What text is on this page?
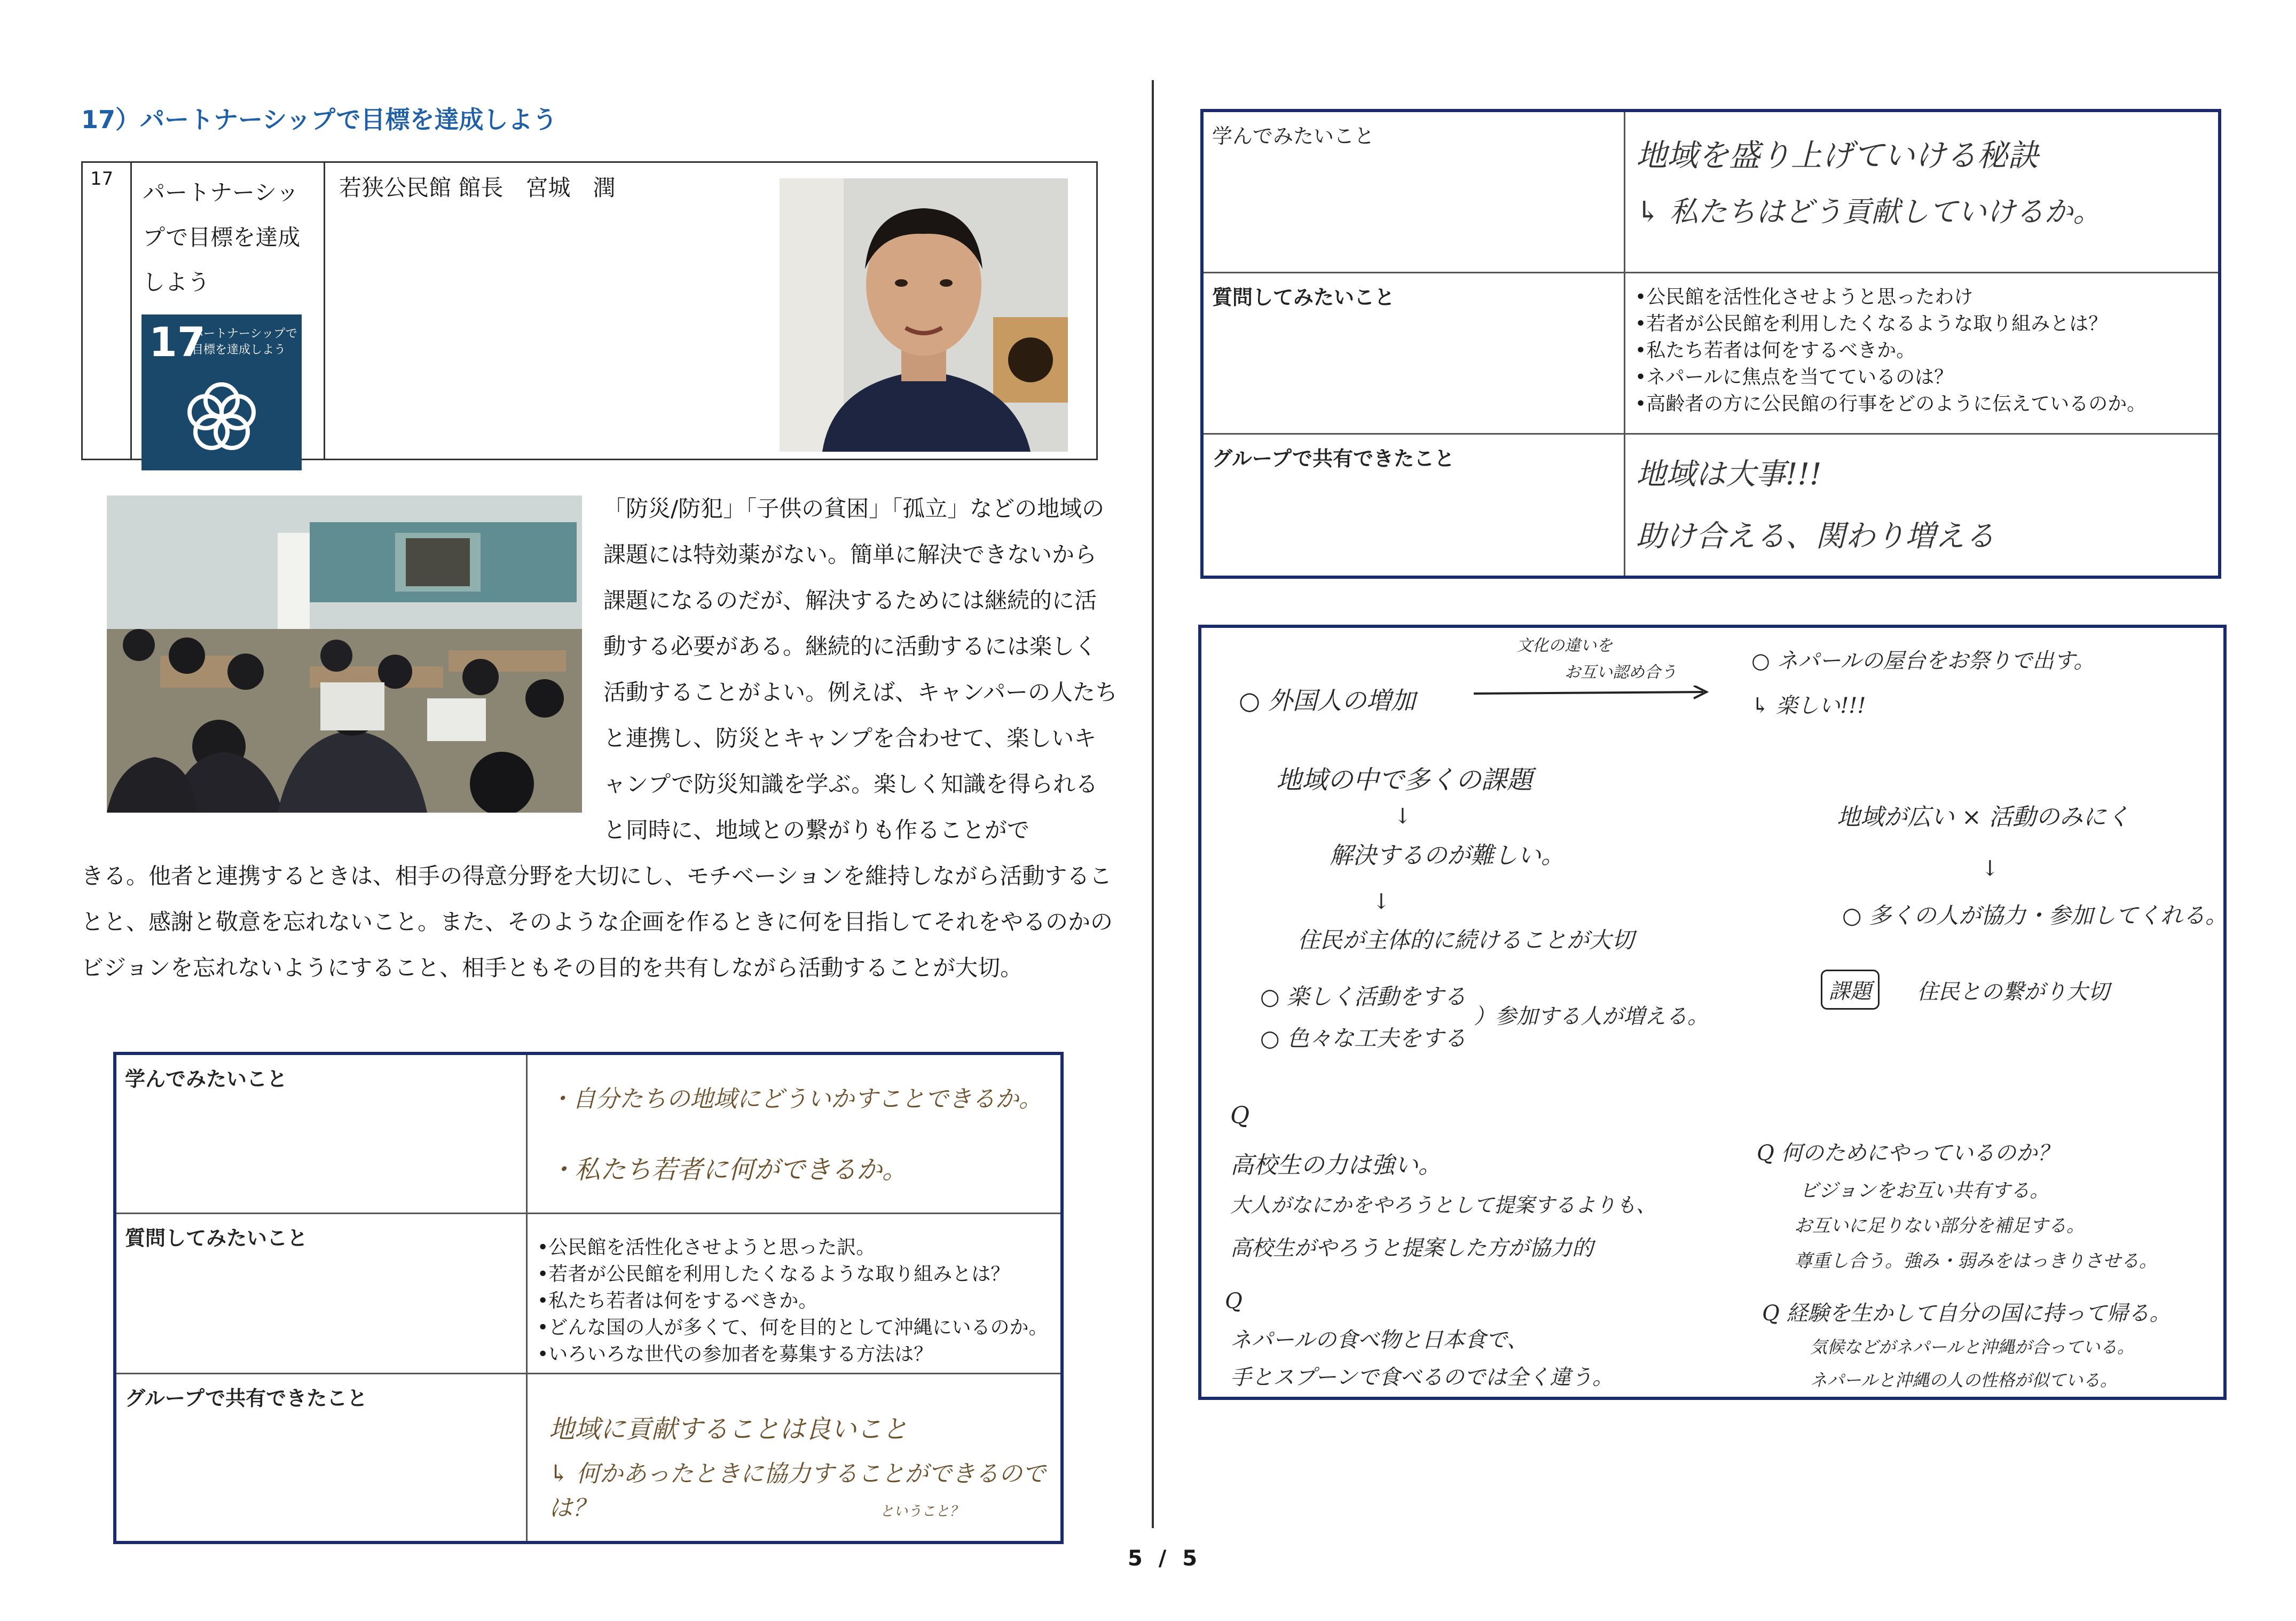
17）パートナーシップで目標を達成しよう
17
パートナーシッ
プで目標を達成
しよう
17
パートナーシップで
目標を達成しよう
若狭公民館 館長　宮城　潤
「防災/防犯」「子供の貧困」「孤立」などの地域の課題には特効薬がない。簡単に解決できないから課題になるのだが、解決するためには継続的に活動する必要がある。継続的に活動するには楽しく活動することがよい。例えば、キャンパーの人たちと連携し、防災とキャンプを合わせて、楽しいキャンプで防災知識を学ぶ。楽しく知識を得られると同時に、地域との繋がりも作ることがで
きる。他者と連携するときは、相手の得意分野を大切にし、モチベーションを維持しながら活動することと、感謝と敬意を忘れないこと。また、そのような企画を作るときに何を目指してそれをやるのかのビジョンを忘れないようにすること、相手ともその目的を共有しながら活動することが大切。
学んでみたいこと
・自分たちの地域にどういかすことできるか。
・私たち若者に何ができるか。
質問してみたいこと	•公民館を活性化させようと思った訳。
•若者が公民館を利用したくなるような取り組みとは？
•私たち若者は何をするべきか。
•どんな国の人が多くて、何を目的として沖縄にいるのか。
•いろいろな世代の参加者を募集する方法は？
グループで共有できたこと
地域に貢献することは良いこと
↳ 何かあったときに協力することができるのでは？	ということ？
学んでみたいこと
地域を盛り上げていける秘訣
↳ 私たちはどう貢献していけるか。
質問してみたいこと	•公民館を活性化させようと思ったわけ
•若者が公民館を利用したくなるような取り組みとは？
•私たち若者は何をするべきか。
•ネパールに焦点を当てているのは？
•高齢者の方に公民館の行事をどのように伝えているのか。
グループで共有できたこと	地域は大事!!!
助け合える、関わり増える
文化の違いを
お互い認め合う
○ 外国人の増加
○ ネパールの屋台をお祭りで出す。
↳ 楽しい!!!
地域の中で多くの課題
↓
解決するのが難しい。
↓
住民が主体的に続けることが大切
○ 楽しく活動をする
○ 色々な工夫をする
）参加する人が増える。
地域が広い × 活動のみにく
↓
○ 多くの人が協力・参加してくれる。
課題	住民との繋がり大切
Q
高校生の力は強い。
大人がなにかをやろうとして提案するよりも、
高校生がやろうと提案した方が協力的
Q 何のためにやっているのか？
ビジョンをお互い共有する。
お互いに足りない部分を補足する。
尊重し合う。強み・弱みをはっきりさせる。
Q
ネパールの食べ物と日本食で、
手とスプーンで食べるのでは全く違う。
Q 経験を生かして自分の国に持って帰る。
気候などがネパールと沖縄が合っている。
ネパールと沖縄の人の性格が似ている。
5 / 5
